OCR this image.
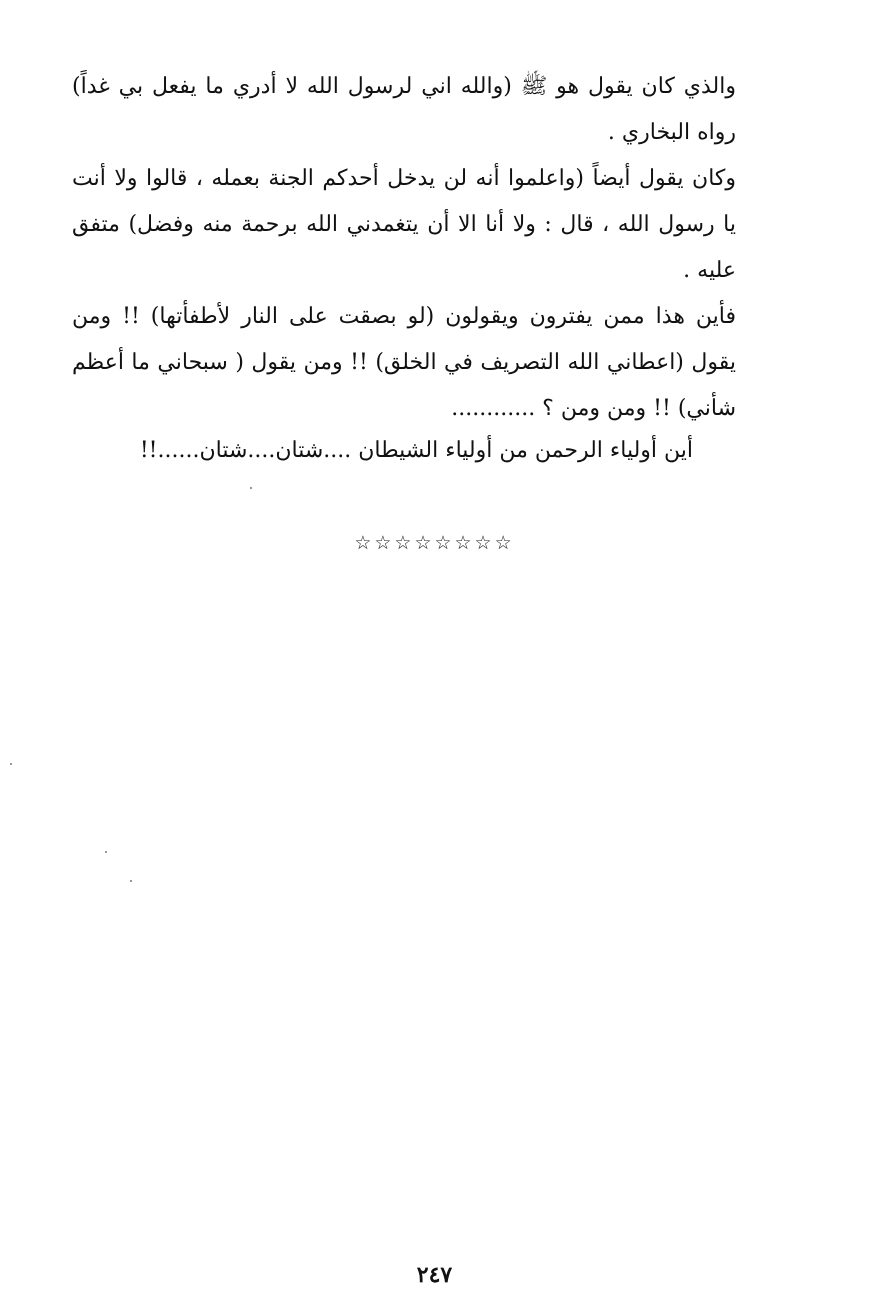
والذي كان يقول هو ﷺ (والله اني لرسول الله لا أدري ما يفعل بي غداً)
رواه البخاري .
وكان يقول أيضاً (واعلموا أنه لن يدخل أحدكم الجنة بعمله ، قالوا ولا أنت
يا رسول الله ، قال : ولا أنا الا أن يتغمدني الله برحمة منه وفضل) متفق
عليه .
فأين هذا ممن يفترون ويقولون (لو بصقت على النار لأطفأتها) !! ومن
يقول (اعطاني الله التصريف في الخلق) !! ومن يقول ( سبحاني ما أعظم
شأني) !! ومن ومن ؟ ............
أين أولياء الرحمن من أولياء الشيطان ....شتان....شتان......!!
☆☆☆☆☆☆☆☆
٢٤٧
